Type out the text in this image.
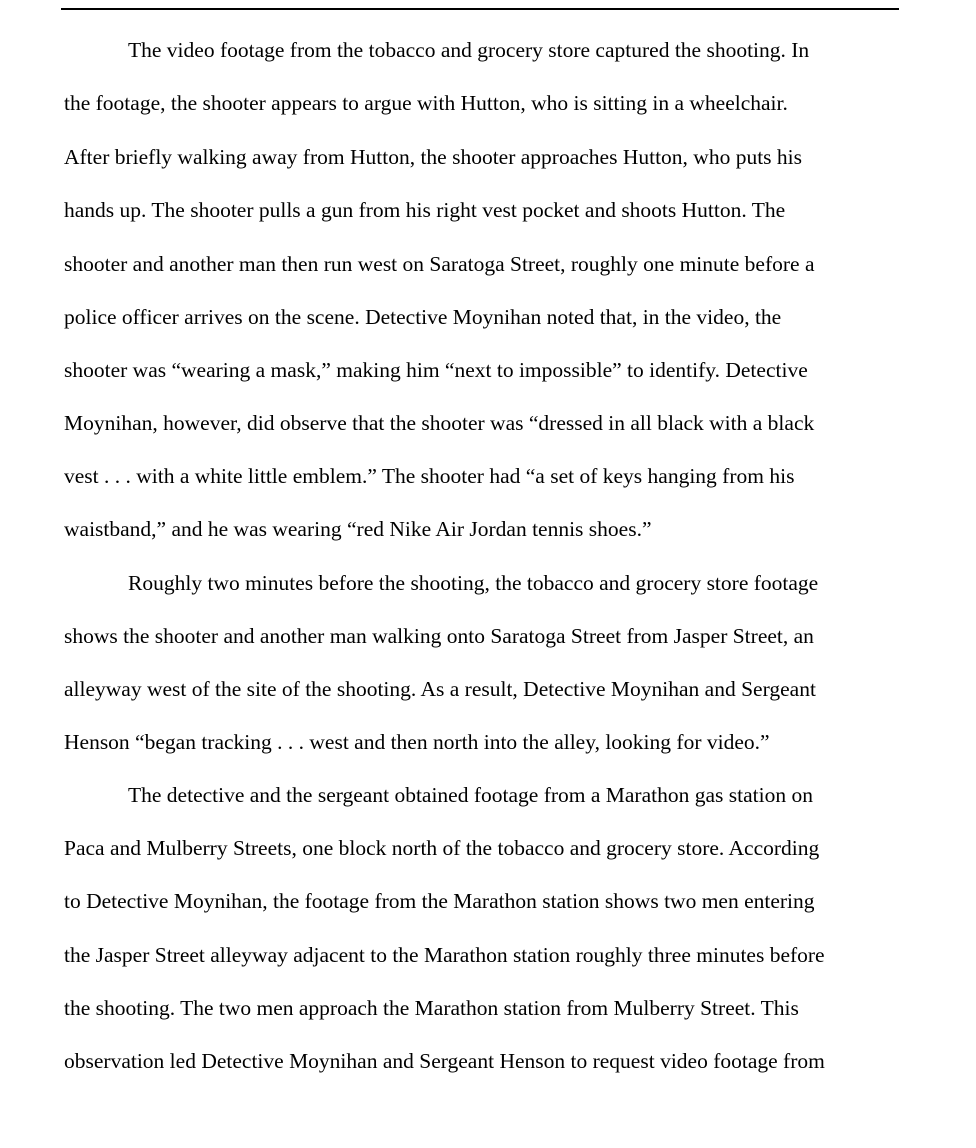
The video footage from the tobacco and grocery store captured the shooting. In
the footage, the shooter appears to argue with Hutton, who is sitting in a wheelchair.
After briefly walking away from Hutton, the shooter approaches Hutton, who puts his
hands up. The shooter pulls a gun from his right vest pocket and shoots Hutton. The
shooter and another man then run west on Saratoga Street, roughly one minute before a
police officer arrives on the scene. Detective Moynihan noted that, in the video, the
shooter was “wearing a mask,” making him “next to impossible” to identify. Detective
Moynihan, however, did observe that the shooter was “dressed in all black with a black
vest . . . with a white little emblem.” The shooter had “a set of keys hanging from his
waistband,” and he was wearing “red Nike Air Jordan tennis shoes.”
Roughly two minutes before the shooting, the tobacco and grocery store footage
shows the shooter and another man walking onto Saratoga Street from Jasper Street, an
alleyway west of the site of the shooting. As a result, Detective Moynihan and Sergeant
Henson “began tracking . . . west and then north into the alley, looking for video.”
The detective and the sergeant obtained footage from a Marathon gas station on
Paca and Mulberry Streets, one block north of the tobacco and grocery store. According
to Detective Moynihan, the footage from the Marathon station shows two men entering
the Jasper Street alleyway adjacent to the Marathon station roughly three minutes before
the shooting. The two men approach the Marathon station from Mulberry Street. This
observation led Detective Moynihan and Sergeant Henson to request video footage from
